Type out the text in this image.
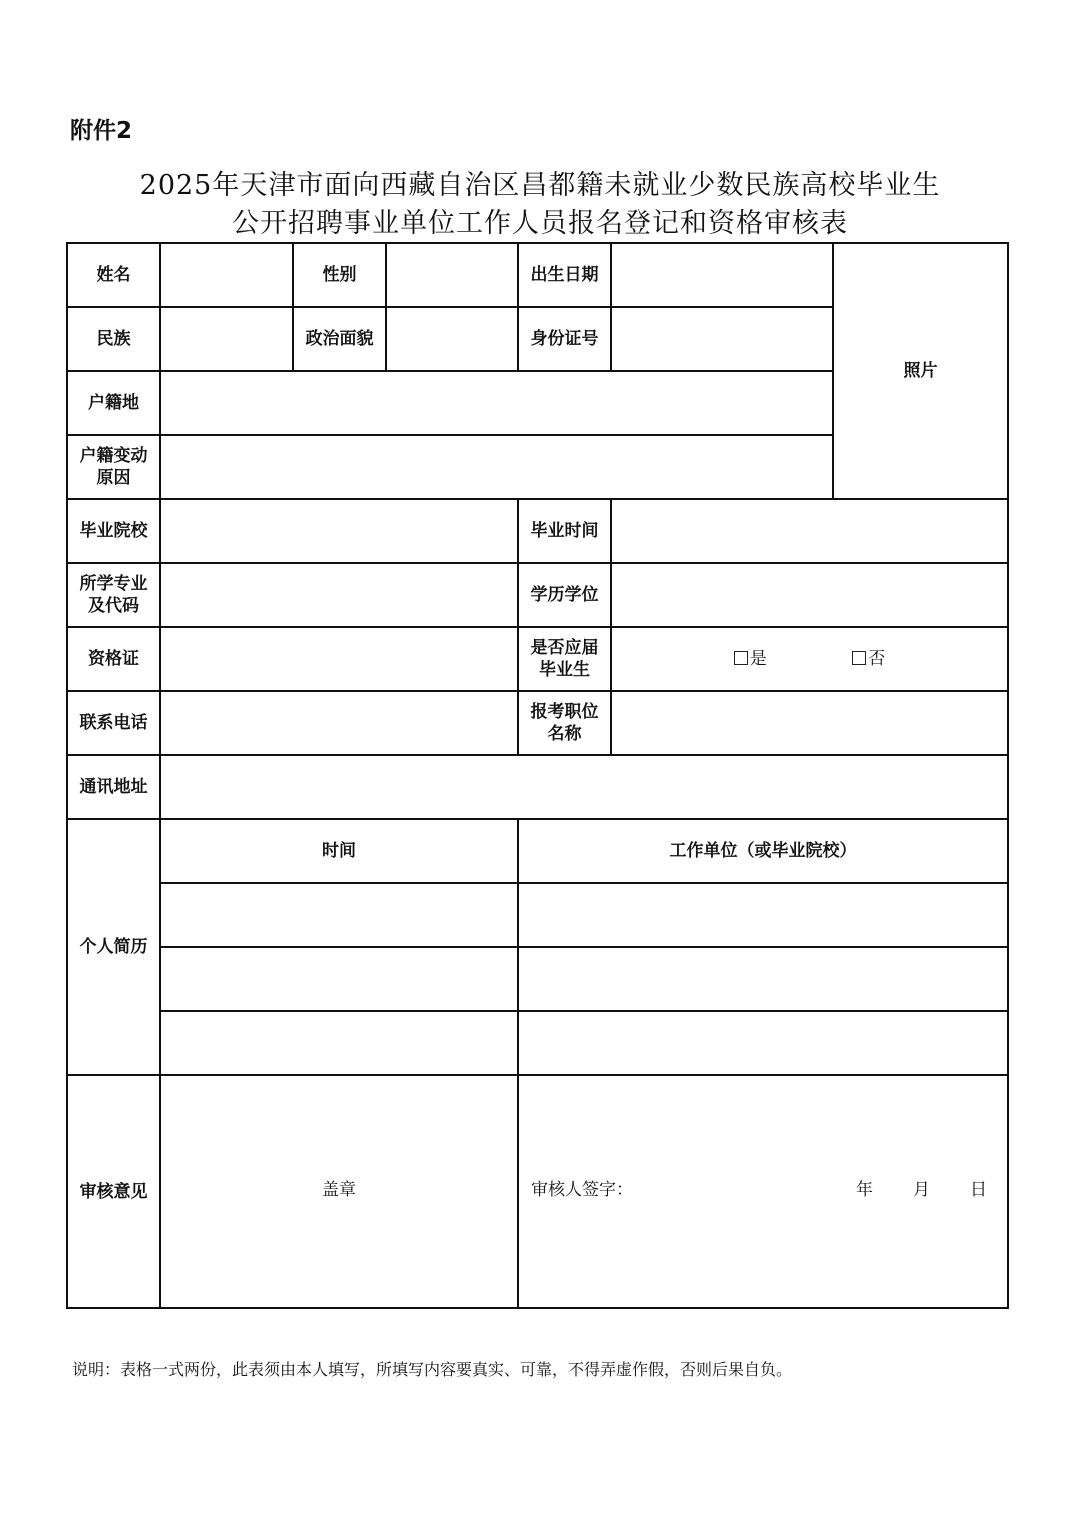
附件2
2025年天津市面向西藏自治区昌都籍未就业少数民族高校毕业生
公开招聘事业单位工作人员报名登记和资格审核表
姓名		性别		出生日期		照片
民族		政治面貌		身份证号		
户籍地						

户籍变动
原因						

毕业院校				毕业时间		

所学专业
及代码				学历学位		
资格证				是否应届
毕业生	是 否	
联系电话				报考职位
名称		

通讯地址						
个人简历	时间			工作单位（或毕业院校）		

审核意见	盖章			审核人签字： 年 月 日		
说明：表格一式两份，此表须由本人填写，所填写内容要真实、可靠，不得弄虚作假，否则后果自负。
